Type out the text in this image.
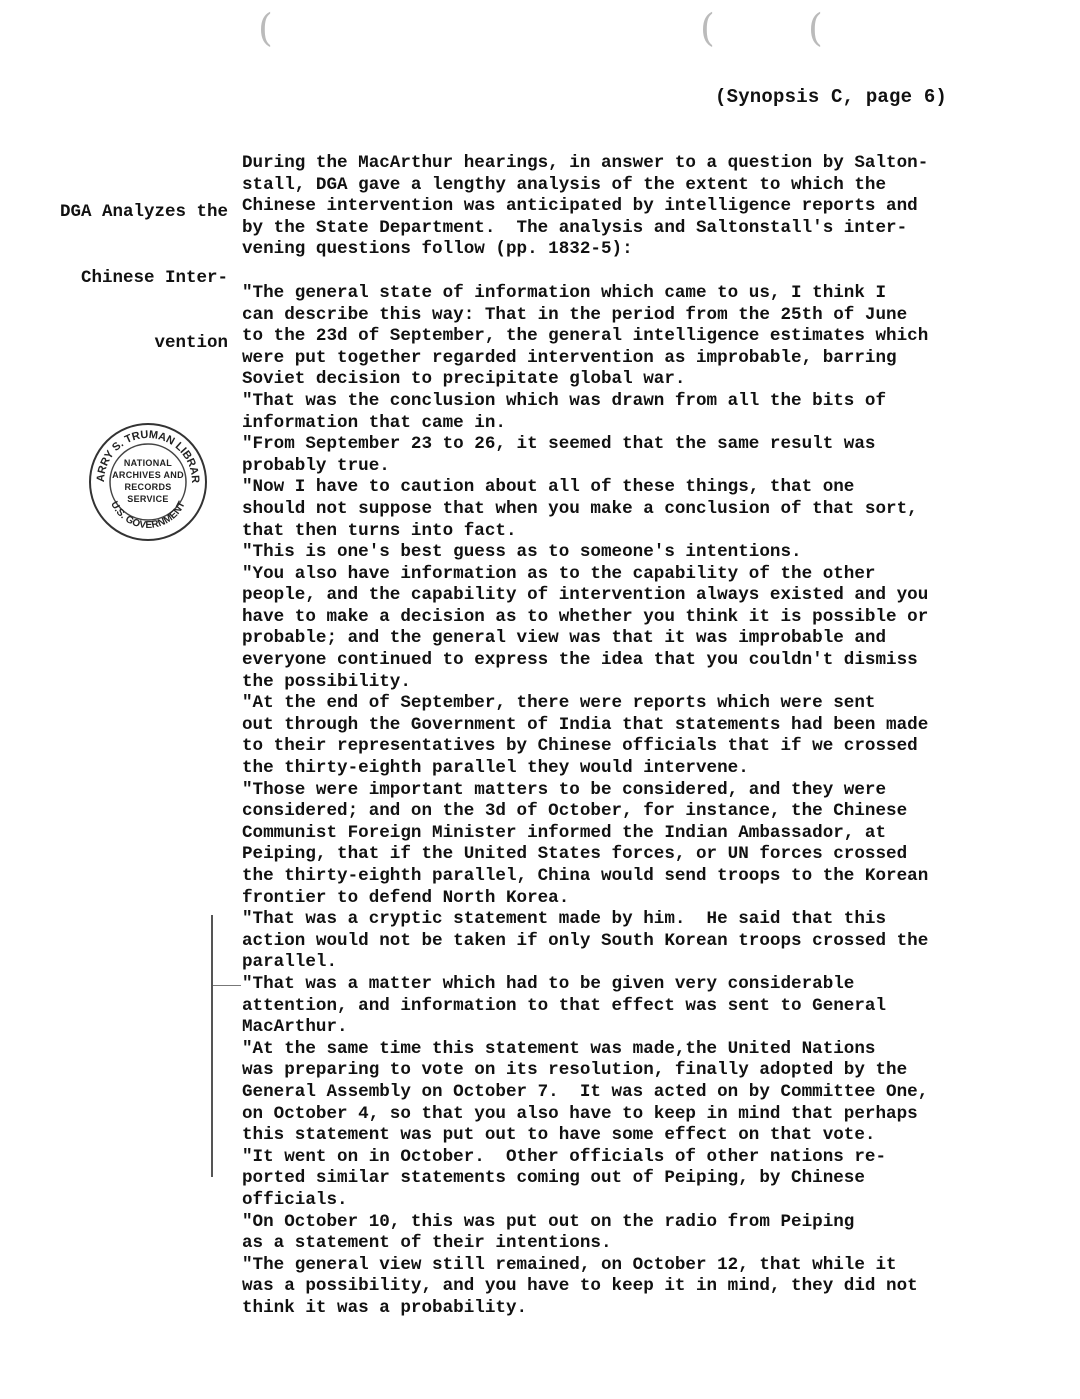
(	( (
(Synopsis C, page 6)

DGA Analyzes the

Chinese Inter-

vention

ARRY S. TRUMAN LIBRAR
U.S. GOVERNMENT
NATIONAL
ARCHIVES AND
RECORDS
SERVICE
During the MacArthur hearings, in answer to a question by Salton-
stall, DGA gave a lengthy analysis of the extent to which the
Chinese intervention was anticipated by intelligence reports and
by the State Department.  The analysis and Saltonstall's inter-
vening questions follow (pp. 1832-5):
"The general state of information which came to us, I think I
can describe this way: That in the period from the 25th of June
to the 23d of September, the general intelligence estimates which
were put together regarded intervention as improbable, barring
Soviet decision to precipitate global war.
"That was the conclusion which was drawn from all the bits of
information that came in.
"From September 23 to 26, it seemed that the same result was
probably true.
"Now I have to caution about all of these things, that one
should not suppose that when you make a conclusion of that sort,
that then turns into fact.
"This is one's best guess as to someone's intentions.
"You also have information as to the capability of the other
people, and the capability of intervention always existed and you
have to make a decision as to whether you think it is possible or
probable; and the general view was that it was improbable and
everyone continued to express the idea that you couldn't dismiss
the possibility.
"At the end of September, there were reports which were sent
out through the Government of India that statements had been made
to their representatives by Chinese officials that if we crossed
the thirty-eighth parallel they would intervene.
"Those were important matters to be considered, and they were
considered; and on the 3d of October, for instance, the Chinese
Communist Foreign Minister informed the Indian Ambassador, at
Peiping, that if the United States forces, or UN forces crossed
the thirty-eighth parallel, China would send troops to the Korean
frontier to defend North Korea.
"That was a cryptic statement made by him.  He said that this
action would not be taken if only South Korean troops crossed the
parallel.
"That was a matter which had to be given very considerable
attention, and information to that effect was sent to General
MacArthur.
"At the same time this statement was made,the United Nations
was preparing to vote on its resolution, finally adopted by the
General Assembly on October 7.  It was acted on by Committee One,
on October 4, so that you also have to keep in mind that perhaps
this statement was put out to have some effect on that vote.
"It went on in October.  Other officials of other nations re-
ported similar statements coming out of Peiping, by Chinese
officials.
"On October 10, this was put out on the radio from Peiping
as a statement of their intentions.
"The general view still remained, on October 12, that while it
was a possibility, and you have to keep it in mind, they did not
think it was a probability.
